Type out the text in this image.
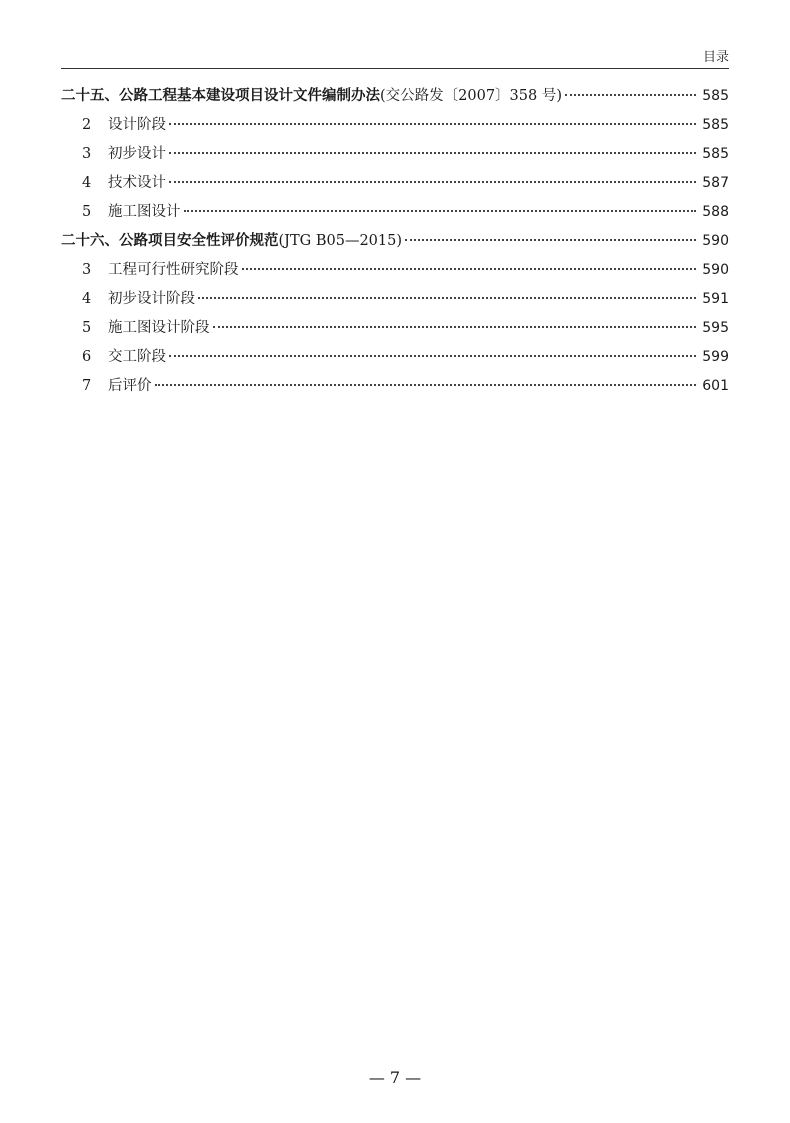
目录
二十五、公路工程基本建设项目设计文件编制办法(交公路发〔2007〕358 号)	585
2 设计阶段	585
3 初步设计	585
4 技术设计	587
5 施工图设计	588
二十六、公路项目安全性评价规范(JTG B05—2015)	590
3 工程可行性研究阶段	590
4 初步设计阶段	591
5 施工图设计阶段	595
6 交工阶段	599
7 后评价	601
— 7 —
